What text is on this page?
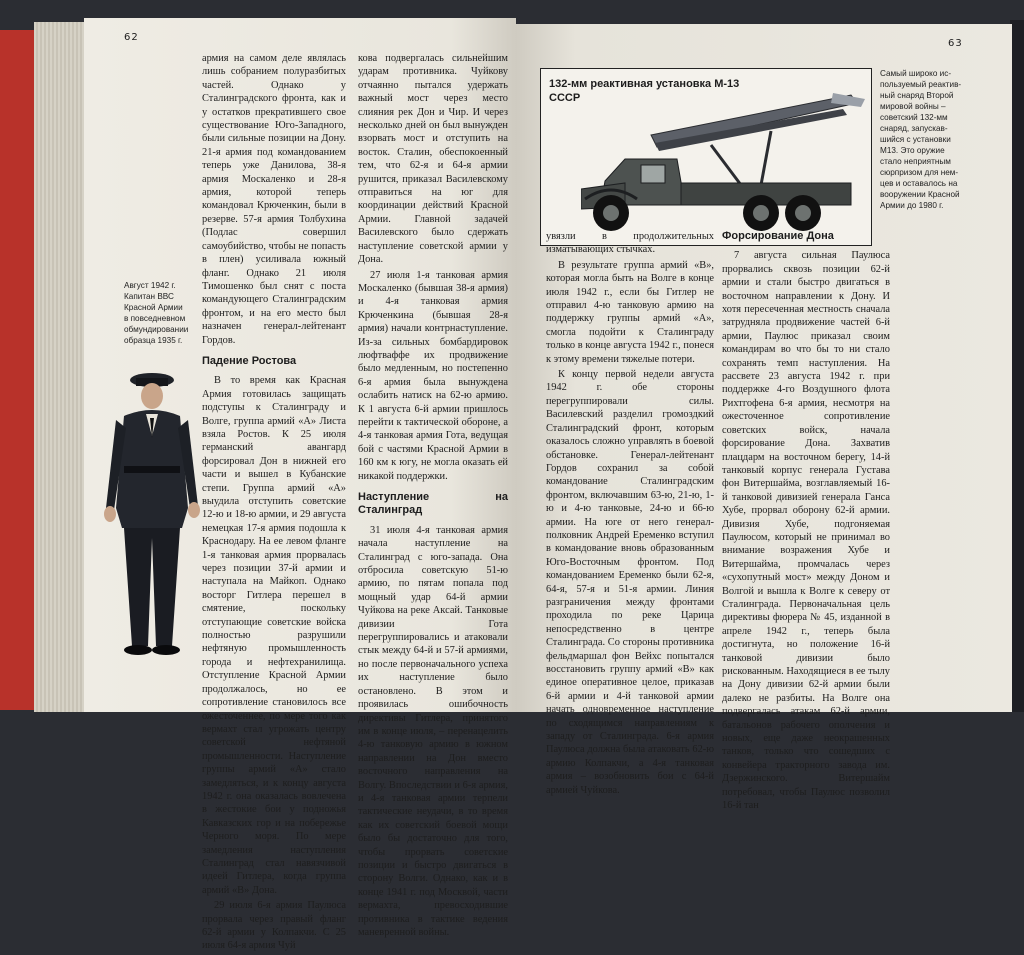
62

армия на самом деле являлась лишь собранием полуразбитых частей. Однако у Сталинградского фронта, как и у остатков прекратившего свое существование Юго-Западного, были сильные позиции на Дону. 21-я армия под командованием теперь уже Данилова, 38-я армия Москаленко и 28-я армия, которой теперь командовал Крюченкин, были в резерве. 57-я армия Толбухина (Подлас совершил самоубийство, чтобы не попасть в плен) усиливала южный фланг. Однако 21 июля Тимошенко был снят с поста командующего Сталинградским фронтом, и на его место был назначен генерал-лейтенант Гордов.

Падение Ростова

В то время как Красная Армия готовилась защищать подступы к Сталинграду и Волге, группа армий «А» Листа взяла Ростов. К 25 июля германский авангард форсировал Дон в нижней его части и вышел в Кубанские степи. Группа армий «А» выудила отступить советские 12-ю и 18-ю армии, и 29 августа немецкая 17-я армия подошла к Краснодару. На ее левом фланге 1-я танковая армия прорвалась через позиции 37-й армии и наступала на Майкоп. Однако восторг Гитлера перешел в смятение, поскольку отступающие советские войска полностью разрушили нефтяную промышленность города и нефтехранилища. Отступление Красной Армии продолжалось, но ее сопротивление становилось все ожесточеннее, по мере того как вермахт стал угрожать центру советской нефтяной промышленности. Наступление группы армий «А» стало замедляться, и к концу августа 1942 г. она оказалась вовлечена в жестокие бои у подножья Кавказских гор и на побережье Черного моря. По мере замедления наступления Сталинград стал навязчивой идеей Гитлера, когда группа армий «В» Дона.

29 июля 6-я армия Паулюса прорвала через правый фланг 62-й армии у Колпакчи. С 25 июля 64-я армия Чуй

кова подвергалась сильнейшим ударам противника. Чуйкову отчаянно пытался удержать важный мост через место слияния рек Дон и Чир. И через несколько дней он был вынужден взорвать мост и отступить на восток. Сталин, обеспокоенный тем, что 62-я и 64-я армии рушится, приказал Василевскому отправиться на юг для координации действий Красной Армии. Главной задачей Василевского было сдержать наступление советской армии у Дона.

27 июля 1-я танковая армия Москаленко (бывшая 38-я армия) и 4-я танковая армия Крюченкина (бывшая 28-я армия) начали контрнаступление. Из-за сильных бомбардировок люфтваффе их продвижение было медленным, но постепенно 6-я армия была вынуждена ослабить натиск на 62-ю армию. К 1 августа 6-й армии пришлось перейти к тактической обороне, а 4-я танковая армия Гота, ведущая бой с частями Красной Армии в 160 км к югу, не могла оказать ей никакой поддержки.

Наступление на Сталинград

31 июля 4-я танковая армия начала наступление на Сталинград с юго-запада. Она отбросила советскую 51-ю армию, по пятам попала под мощный удар 64-й армии Чуйкова на реке Аксай. Танковые дивизии Гота перегруппировались и атаковали стык между 64-й и 57-й армиями, но после первоначального успеха их наступление было остановлено. В этом и проявилась ошибочность директивы Гитлера, принятого им в конце июля, – перенацелить 4-ю танковую армию в южном направлении на Дон вместо восточного направления на Волгу. Впоследствии и 6-я армия, и 4-я танковая армии терпели тактические неудачи, в то время как их советский боевой мощи было бы достаточно для того, чтобы прорвать советские позиции и быстро двигаться в сторону Волги. Однако, как и в конце 1941 г. под Москвой, части вермахта, превосходившие противника в тактике ведения маневренной войны.

Август 1942 г.
Капитан ВВС
Красной Армии
в повседневном
обмундировании
образца 1935 г.
63
132-мм реактивная установка М-13
СССР
Самый широко ис-
пользуемый реактив-
ный снаряд Второй
мировой войны –
советский 132-мм
снаряд, запускав-
шийся с установки
М13. Это оружие
стало неприятным
сюрпризом для нем-
цев и оставалось на
вооружении Красной
Армии до 1980 г.

увязли в продолжительных изматывающих стычках.

В результате группа армий «В», которая могла быть на Волге в конце июля 1942 г., если бы Гитлер не отправил 4-ю танковую армию на поддержку группы армий «А», смогла подойти к Сталинграду только в конце августа 1942 г., понеся к этому времени тяжелые потери.

К концу первой недели августа 1942 г. обе стороны перегруппировали силы. Василевский разделил громоздкий Сталинградский фронт, которым оказалось сложно управлять в боевой обстановке. Генерал-лейтенант Гордов сохранил за собой командование Сталинградским фронтом, включавшим 63-ю, 21-ю, 1-ю и 4-ю танковые, 24-ю и 66-ю армии. На юге от него генерал-полковник Андрей Еременко вступил в командование вновь образованным Юго-Восточным фронтом. Под командованием Еременко были 62-я, 64-я, 57-я и 51-я армии. Линия разграничения между фронтами проходила по реке Царица непосредственно в центре Сталинграда. Со стороны противника фельдмаршал фон Вейхс попытался восстановить группу армий «В» как единое оперативное целое, приказав 6-й армии и 4-й танковой армии начать одновременное наступление по сходящимся направлениям к западу от Сталинграда. 6-я армия Паулюса должна была атаковать 62-ю армию Колпакчи, а 4-я танковая армия – возобновить бои с 64-й армией Чуйкова.

Форсирование Дона

7 августа сильная Паулюса прорвались сквозь позиции 62-й армии и стали быстро двигаться в восточном направлении к Дону. И хотя пересеченная местность сначала затрудняла продвижение частей 6-й армии, Паулюс приказал своим командирам во что бы то ни стало сохранять темп наступления. На рассвете 23 августа 1942 г. при поддержке 4-го Воздушного флота Рихтгофена 6-я армия, несмотря на ожесточенное сопротивление советских войск, начала форсирование Дона. Захватив плацдарм на восточном берегу, 14-й танковый корпус генерала Густава фон Витершайма, возглавляемый 16-й танковой дивизией генерала Ганса Хубе, прорвал оборону 62-й армии. Дивизия Хубе, подгоняемая Паулюсом, который не принимал во внимание возражения Хубе и Витершайма, промчалась через «сухопутный мост» между Доном и Волгой и вышла к Волге к северу от Сталинграда. Первоначальная цель директивы фюрера № 45, изданной в апреле 1942 г., теперь была достигнута, но положение 16-й танковой дивизии было рискованным. Находящиеся в ее тылу на Дону дивизии 62-й армии были далеко не разбиты. На Волге она подвергалась атакам 62-й армии, батальонов рабочего ополчения и новых, еще даже неокрашенных танков, только что сошедших с конвейера тракторного завода им. Дзержинского. Витершайм потребовал, чтобы Паулюс позволил 16-й тан
